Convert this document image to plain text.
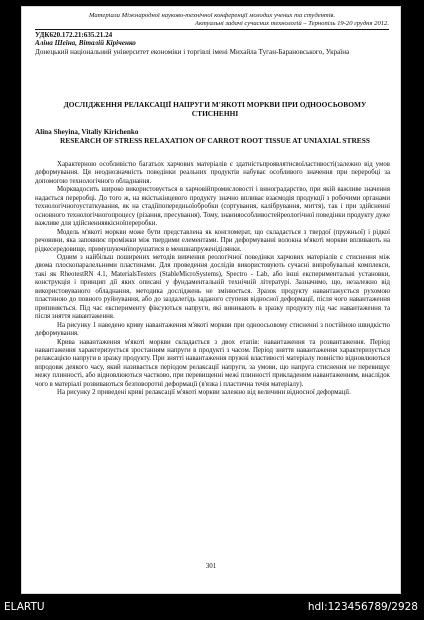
Матеріали Міжнародної науково-технічної конференції молодих учених та студентів.

Актуальні задачі сучасних технологій – Тернопіль 19-20 грудня 2012.
УДК620.172.21:635.21.24
Аліна Шеїна, Віталій Кіріченко
Донецький національний університет економіки і торгівлі імені Михайла Туган-Барановського, Україна
ДОСЛІДЖЕННЯ РЕЛАКСАЦІЇ НАПРУГИ М'ЯКОТІ МОРКВИ ПРИ ОДНООСЬОВОМУ СТИСНЕННІ
Alina Sheyina, Vitaliy Kirichenko
RESEARCH OF STRESS RELAXATION OF CARROT ROOT TISSUE AT UNIAXIAL STRESS

Характерною особливістю багатьох харчових матеріалів є здатністьпроявлятисвоїластивості(залежно від умов деформування. Ця неоднозначність поведінки реальних продуктів набуває особливого значення при переробці за допомогою технологічного обладнання.

Морквадосить широко використовується в харчовійпромисловості і виноградарство, при якій важливе значення надається переробці. До того ж, на якістькінцевого продукту значно впливає взаємодія продукції з робочими органами технологічногоустаткування, як на стадіїпопередньоїобробки (сортування, калібрування, миття), так і при здійсненні основного технологічногопроцесу (різання, пресування). Тому, знанняособливостейреологічної поведінки продукту дуже важливе для здійсненняякісноїпереробки.

Модель м'якоті моркви може бути представлена як конгломерат, що складається з твердої (пружньої) і рідкої речовини, яка заповнює проміжки між твердими елементами. При деформуванні волокна м'якоті моркви впливають на рідкесередовище, примушуючиїпорушатися в меншнапруженіділянки.

Одним з найбільш поширених методів вивчення реологічної поведінки харчових матеріалів є стиснення між двома плоскопаралельними пластинами. Для проведення дослідів використовують сучасні випробувальні комплекси, такі як RheotestRN 4.1, MaterialsTesters (StableMicroSystems), Spectro - Lab, або інші експериментальні установки, конструкція і принцип дії яких описані у фундаментальній технічній літературі. Зазначимо, що, незалежно від використовуваного обладнання, методика досліджень не змінюється. Зразок продукту навантажується рухомою пластиною до повного руйнування, або до заздалегідь заданого ступеня відносної деформації, після чого навантаження припиняється. Під час експерименту фіксуються напруги, які виникають в зразку продукту під час навантаження та після зняття навантаження.

На рисунку 1 наведено криву навантаження м'якоті моркви при одноосьовому стисненні з постійною швидкістю деформування.

Крива навантаження м'якоті моркви складається з двох етапів: навантаження та розвантаження. Період навантаження характеризується зростанням напруги в продукті з часом. Період зняття навантаження характеризується релаксацією напруги в зразку продукту. При знятті навантаження пружні властивості матеріалу повністю відновлюються впродовж деякого часу, який називається періодом релаксації напруги, за умови, що напруга стиснення не перевищує межу плинності, або відновлюються частково, при перевищенні межі плинності прикладеним навантаженням, внаслідок чого в матеріалі розвиваються безповоротні деформації (в'язка і пластична течія матеріалу).

На рисунку 2 приведені криві релаксації м'якоті моркви залежно від величини відносної деформації.

301
ELARTU	hdl:123456789/2928
